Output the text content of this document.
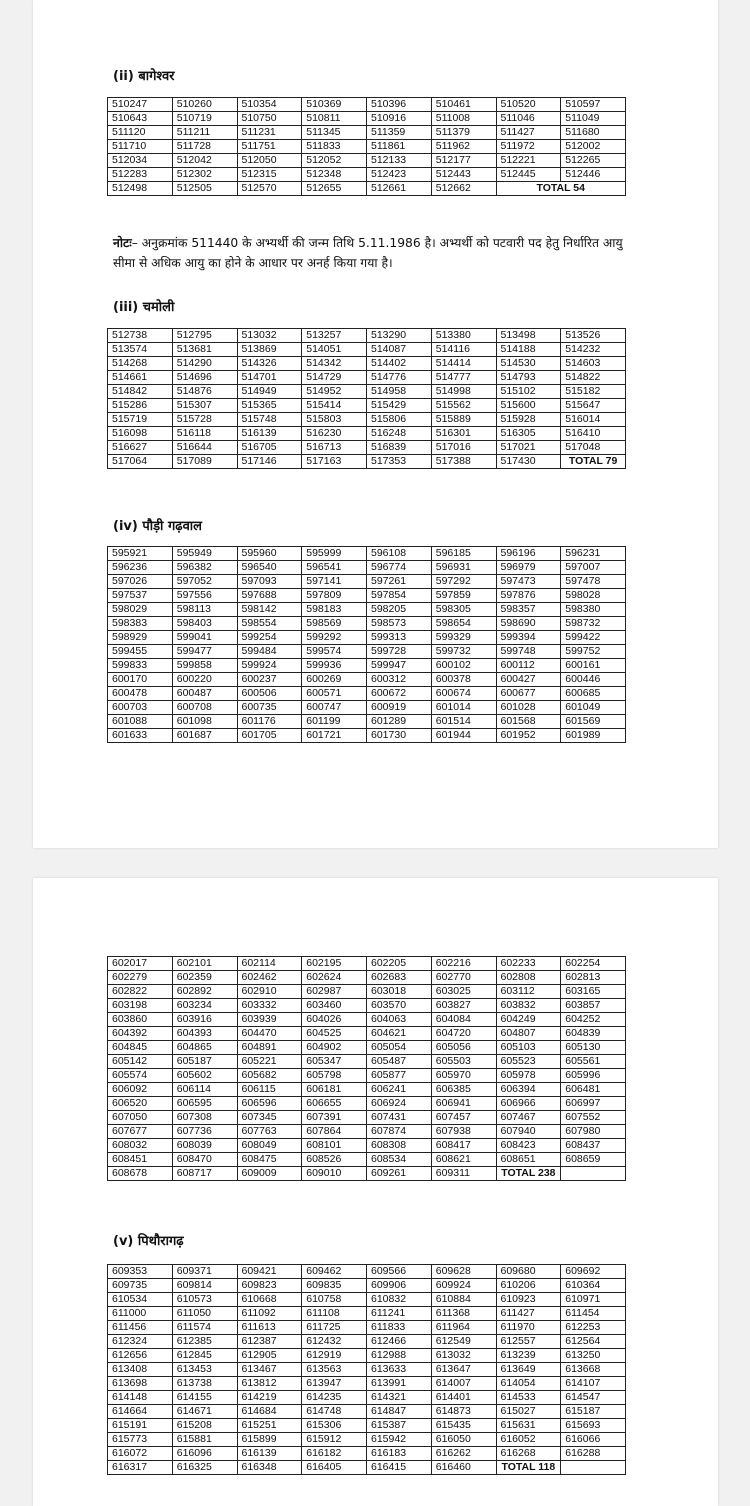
(ii) बागेश्वर
510247	510260	510354	510369	510396	510461	510520	510597
510643	510719	510750	510811	510916	511008	511046	511049
511120	511211	511231	511345	511359	511379	511427	511680
511710	511728	511751	511833	511861	511962	511972	512002
512034	512042	512050	512052	512133	512177	512221	512265
512283	512302	512315	512348	512423	512443	512445	512446
512498	512505	512570	512655	512661	512662	TOTAL 54	
नोटः– अनुक्रमांक 511440 के अभ्यर्थी की जन्म तिथि 5.11.1986 है। अभ्यर्थी को पटवारी पद हेतु निर्धारित आयु सीमा से अधिक आयु का होने के आधार पर अनर्ह किया गया है।
(iii) चमोली
512738	512795	513032	513257	513290	513380	513498	513526
513574	513681	513869	514051	514087	514116	514188	514232
514268	514290	514326	514342	514402	514414	514530	514603
514661	514696	514701	514729	514776	514777	514793	514822
514842	514876	514949	514952	514958	514998	515102	515182
515286	515307	515365	515414	515429	515562	515600	515647
515719	515728	515748	515803	515806	515889	515928	516014
516098	516118	516139	516230	516248	516301	516305	516410
516627	516644	516705	516713	516839	517016	517021	517048
517064	517089	517146	517163	517353	517388	517430	TOTAL 79
(iv) पौड़ी गढ़वाल
595921	595949	595960	595999	596108	596185	596196	596231
596236	596382	596540	596541	596774	596931	596979	597007
597026	597052	597093	597141	597261	597292	597473	597478
597537	597556	597688	597809	597854	597859	597876	598028
598029	598113	598142	598183	598205	598305	598357	598380
598383	598403	598554	598569	598573	598654	598690	598732
598929	599041	599254	599292	599313	599329	599394	599422
599455	599477	599484	599574	599728	599732	599748	599752
599833	599858	599924	599936	599947	600102	600112	600161
600170	600220	600237	600269	600312	600378	600427	600446
600478	600487	600506	600571	600672	600674	600677	600685
600703	600708	600735	600747	600919	601014	601028	601049
601088	601098	601176	601199	601289	601514	601568	601569
601633	601687	601705	601721	601730	601944	601952	601989
602017	602101	602114	602195	602205	602216	602233	602254
602279	602359	602462	602624	602683	602770	602808	602813
602822	602892	602910	602987	603018	603025	603112	603165
603198	603234	603332	603460	603570	603827	603832	603857
603860	603916	603939	604026	604063	604084	604249	604252
604392	604393	604470	604525	604621	604720	604807	604839
604845	604865	604891	604902	605054	605056	605103	605130
605142	605187	605221	605347	605487	605503	605523	605561
605574	605602	605682	605798	605877	605970	605978	605996
606092	606114	606115	606181	606241	606385	606394	606481
606520	606595	606596	606655	606924	606941	606966	606997
607050	607308	607345	607391	607431	607457	607467	607552
607677	607736	607763	607864	607874	607938	607940	607980
608032	608039	608049	608101	608308	608417	608423	608437
608451	608470	608475	608526	608534	608621	608651	608659
608678	608717	609009	609010	609261	609311	TOTAL 238	
(v) पिथौरागढ़
609353	609371	609421	609462	609566	609628	609680	609692
609735	609814	609823	609835	609906	609924	610206	610364
610534	610573	610668	610758	610832	610884	610923	610971
611000	611050	611092	611108	611241	611368	611427	611454
611456	611574	611613	611725	611833	611964	611970	612253
612324	612385	612387	612432	612466	612549	612557	612564
612656	612845	612905	612919	612988	613032	613239	613250
613408	613453	613467	613563	613633	613647	613649	613668
613698	613738	613812	613947	613991	614007	614054	614107
614148	614155	614219	614235	614321	614401	614533	614547
614664	614671	614684	614748	614847	614873	615027	615187
615191	615208	615251	615306	615387	615435	615631	615693
615773	615881	615899	615912	615942	616050	616052	616066
616072	616096	616139	616182	616183	616262	616268	616288
616317	616325	616348	616405	616415	616460	TOTAL 118	
